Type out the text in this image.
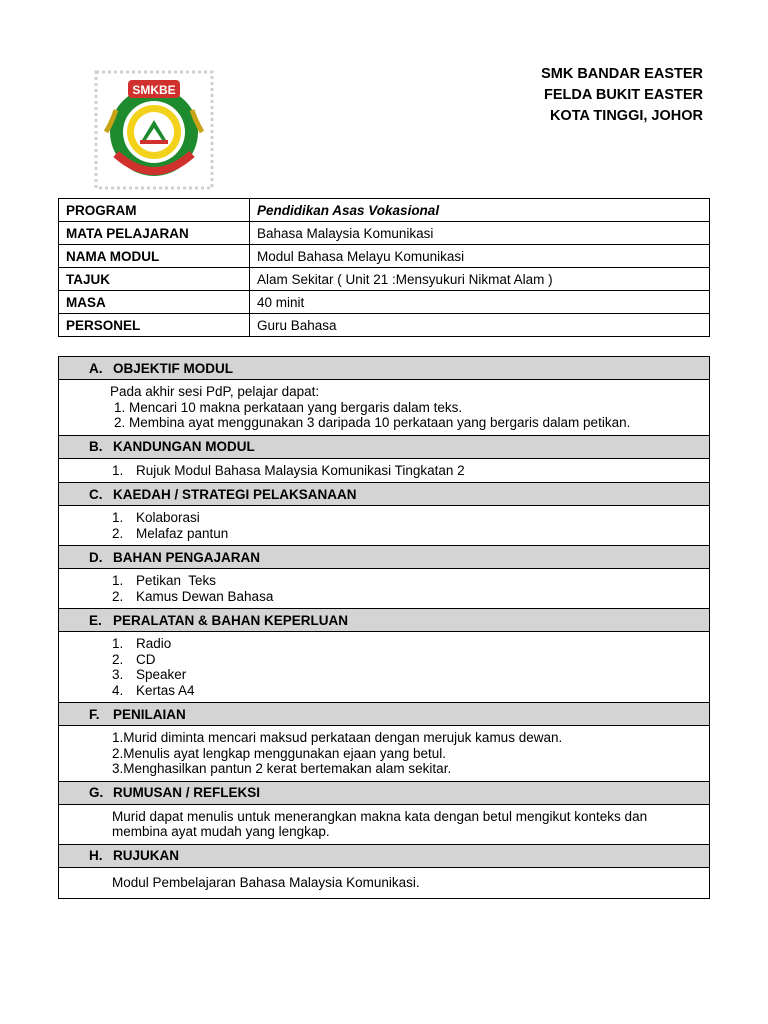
SMKBE
SMK BANDAR EASTER
FELDA BUKIT EASTER
KOTA TINGGI, JOHOR
PROGRAM	Pendidikan Asas Vokasional
MATA PELAJARAN	Bahasa Malaysia Komunikasi
NAMA MODUL	Modul Bahasa Melayu Komunikasi
TAJUK	Alam Sekitar ( Unit 21 :Mensyukuri Nikmat Alam )
MASA	40 minit
PERSONEL	Guru Bahasa
A. OBJEKTIF MODUL

Pada akhir sesi PdP, pelajar dapat:

1. Mencari 10 makna perkataan yang bergaris dalam teks.

2. Membina ayat menggunakan 3 daripada 10 perkataan yang bergaris dalam petikan.

B. KANDUNGAN MODUL

1. Rujuk Modul Bahasa Malaysia Komunikasi Tingkatan 2

C. KAEDAH / STRATEGI PELAKSANAAN

1. Kolaborasi
2. Melafaz pantun

D. BAHAN PENGAJARAN

1. Petikan  Teks
2. Kamus Dewan Bahasa

E. PERALATAN & BAHAN KEPERLUAN

1. Radio
2. CD
3. Speaker
4. Kertas A4

F. PENILAIAN

1.Murid diminta mencari maksud perkataan dengan merujuk kamus dewan.

2.Menulis ayat lengkap menggunakan ejaan yang betul.

3.Menghasilkan pantun 2 kerat bertemakan alam sekitar.

G. RUMUSAN / REFLEKSI

Murid dapat menulis untuk menerangkan makna kata dengan betul mengikut konteks dan membina ayat mudah yang lengkap.

H. RUJUKAN

Modul Pembelajaran Bahasa Malaysia Komunikasi.
